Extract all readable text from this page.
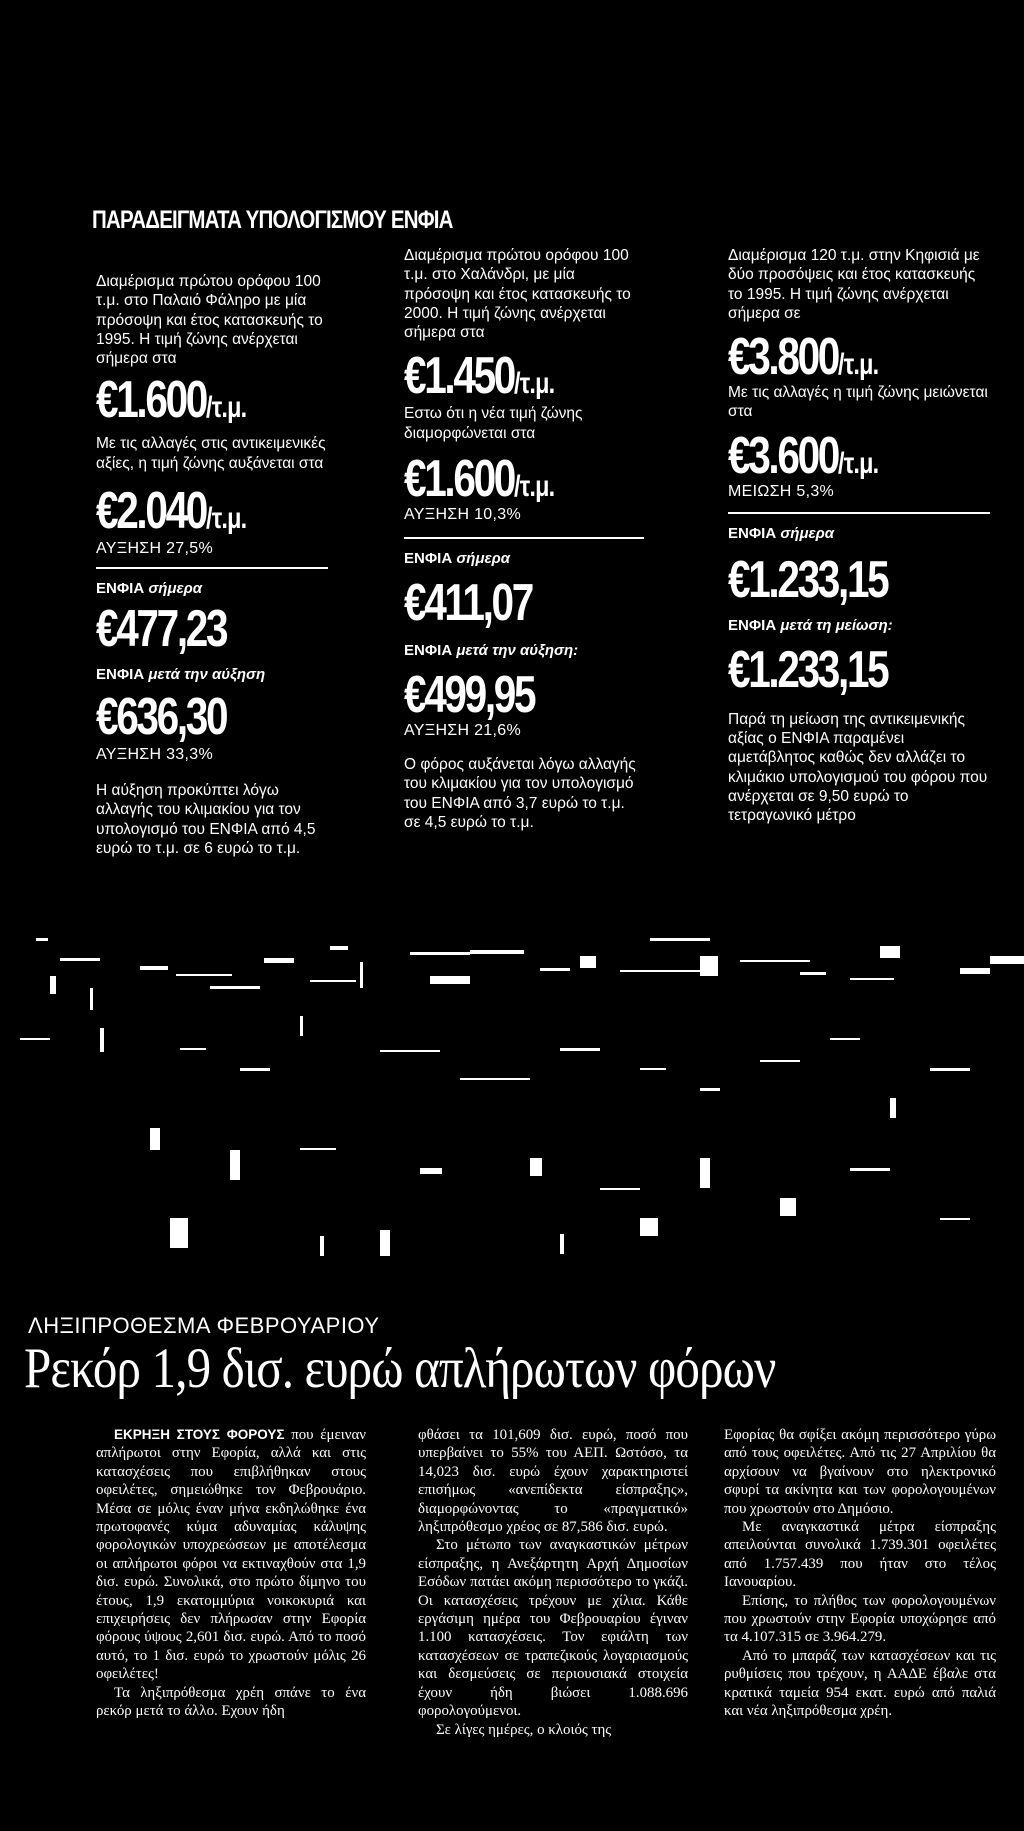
ΠΑΡΑΔΕΙΓΜΑΤΑ ΥΠΟΛΟΓΙΣΜΟΥ ΕΝΦΙΑ

Διαμέρισμα πρώτου ορόφου 100 τ.μ. στο Παλαιό Φάληρο με μία πρόσοψη και έτος κατασκευής το 1995. Η τιμή ζώνης ανέρχεται σήμερα στα

€1.600/τ.μ.

Με τις αλλαγές στις αντικειμενικές αξίες, η τιμή ζώνης αυξάνεται στα

€2.040/τ.μ.

ΑΥΞΗΣΗ 27,5%

ΕΝΦΙΑ σήμερα

€477,23

ΕΝΦΙΑ μετά την αύξηση

€636,30

ΑΥΞΗΣΗ 33,3%

Η αύξηση προκύπτει λόγω αλλαγής του κλιμακίου για τον υπολογισμό του ΕΝΦΙΑ από 4,5 ευρώ το τ.μ. σε 6 ευρώ το τ.μ.

Διαμέρισμα πρώτου ορόφου 100 τ.μ. στο Χαλάνδρι, με μία πρόσοψη και έτος κατασκευής το 2000. Η τιμή ζώνης ανέρχεται σήμερα στα

€1.450/τ.μ.

Εστω ότι η νέα τιμή ζώνης διαμορφώνεται στα

€1.600/τ.μ.

ΑΥΞΗΣΗ 10,3%

ΕΝΦΙΑ σήμερα

€411,07

ΕΝΦΙΑ μετά την αύξηση:

€499,95

ΑΥΞΗΣΗ 21,6%

Ο φόρος αυξάνεται λόγω αλλαγής του κλιμακίου για τον υπολογισμό του ΕΝΦΙΑ από 3,7 ευρώ το τ.μ. σε 4,5 ευρώ το τ.μ.

Διαμέρισμα 120 τ.μ. στην Κηφισιά με δύο προσόψεις και έτος κατασκευής το 1995. Η τιμή ζώνης ανέρχεται σήμερα σε

€3.800/τ.μ.

Με τις αλλαγές η τιμή ζώνης μειώνεται στα

€3.600/τ.μ.

ΜΕΙΩΣΗ 5,3%

ΕΝΦΙΑ σήμερα

€1.233,15

ΕΝΦΙΑ μετά τη μείωση:

€1.233,15

Παρά τη μείωση της αντικειμενικής αξίας ο ΕΝΦΙΑ παραμένει αμετάβλητος καθώς δεν αλλάζει το κλιμάκιο υπολογισμού του φόρου που ανέρχεται σε 9,50 ευρώ το τετραγωνικό μέτρο

ΛΗΞΙΠΡΟΘΕΣΜΑ ΦΕΒΡΟΥΑΡΙΟΥ
Ρεκόρ 1,9 δισ. ευρώ απλήρωτων φόρων

ΕΚΡΗΞΗ ΣΤΟΥΣ ΦΟΡΟΥΣ που έμειναν απλήρωτοι στην Εφορία, αλλά και στις κατασχέσεις που επιβλήθηκαν στους οφειλέτες, σημειώθηκε τον Φεβρουάριο. Μέσα σε μόλις έναν μήνα εκδηλώθηκε ένα πρωτοφανές κύμα αδυναμίας κάλυψης φορολογικών υποχρεώσεων με αποτέλεσμα οι απλήρωτοι φόροι να εκτιναχθούν στα 1,9 δισ. ευρώ. Συνολικά, στο πρώτο δίμηνο του έτους, 1,9 εκατομμύρια νοικοκυριά και επιχειρήσεις δεν πλήρωσαν στην Εφορία φόρους ύψους 2,601 δισ. ευρώ. Από το ποσό αυτό, το 1 δισ. ευρώ το χρωστούν μόλις 26 οφειλέτες!

Τα ληξιπρόθεσμα χρέη σπάνε το ένα ρεκόρ μετά το άλλο. Εχουν ήδη

φθάσει τα 101,609 δισ. ευρώ, ποσό που υπερβαίνει το 55% του ΑΕΠ. Ωστόσο, τα 14,023 δισ. ευρώ έχουν χαρακτηριστεί επισήμως «ανεπίδεκτα είσπραξης», διαμορφώνοντας το «πραγματικό» ληξιπρόθεσμο χρέος σε 87,586 δισ. ευρώ.

Στο μέτωπο των αναγκαστικών μέτρων είσπραξης, η Ανεξάρτητη Αρχή Δημοσίων Εσόδων πατάει ακόμη περισσότερο το γκάζι. Οι κατασχέσεις τρέχουν με χίλια. Κάθε εργάσιμη ημέρα του Φεβρουαρίου έγιναν 1.100 κατασχέσεις. Τον εφιάλτη των κατασχέσεων σε τραπεζικούς λογαριασμούς και δεσμεύσεις σε περιουσιακά στοιχεία έχουν ήδη βιώσει 1.088.696 φορολογούμενοι.

Σε λίγες ημέρες, ο κλοιός της

Εφορίας θα σφίξει ακόμη περισσότερο γύρω από τους οφειλέτες. Από τις 27 Απριλίου θα αρχίσουν να βγαίνουν στο ηλεκτρονικό σφυρί τα ακίνητα και των φορολογουμένων που χρωστούν στο Δημόσιο.

Με αναγκαστικά μέτρα είσπραξης απειλούνται συνολικά 1.739.301 οφειλέτες από 1.757.439 που ήταν στο τέλος Ιανουαρίου.

Επίσης, το πλήθος των φορολογουμένων που χρωστούν στην Εφορία υποχώρησε από τα 4.107.315 σε 3.964.279.

Από το μπαράζ των κατασχέσεων και τις ρυθμίσεις που τρέχουν, η ΑΑΔΕ έβαλε στα κρατικά ταμεία 954 εκατ. ευρώ από παλιά και νέα ληξιπρόθεσμα χρέη.
